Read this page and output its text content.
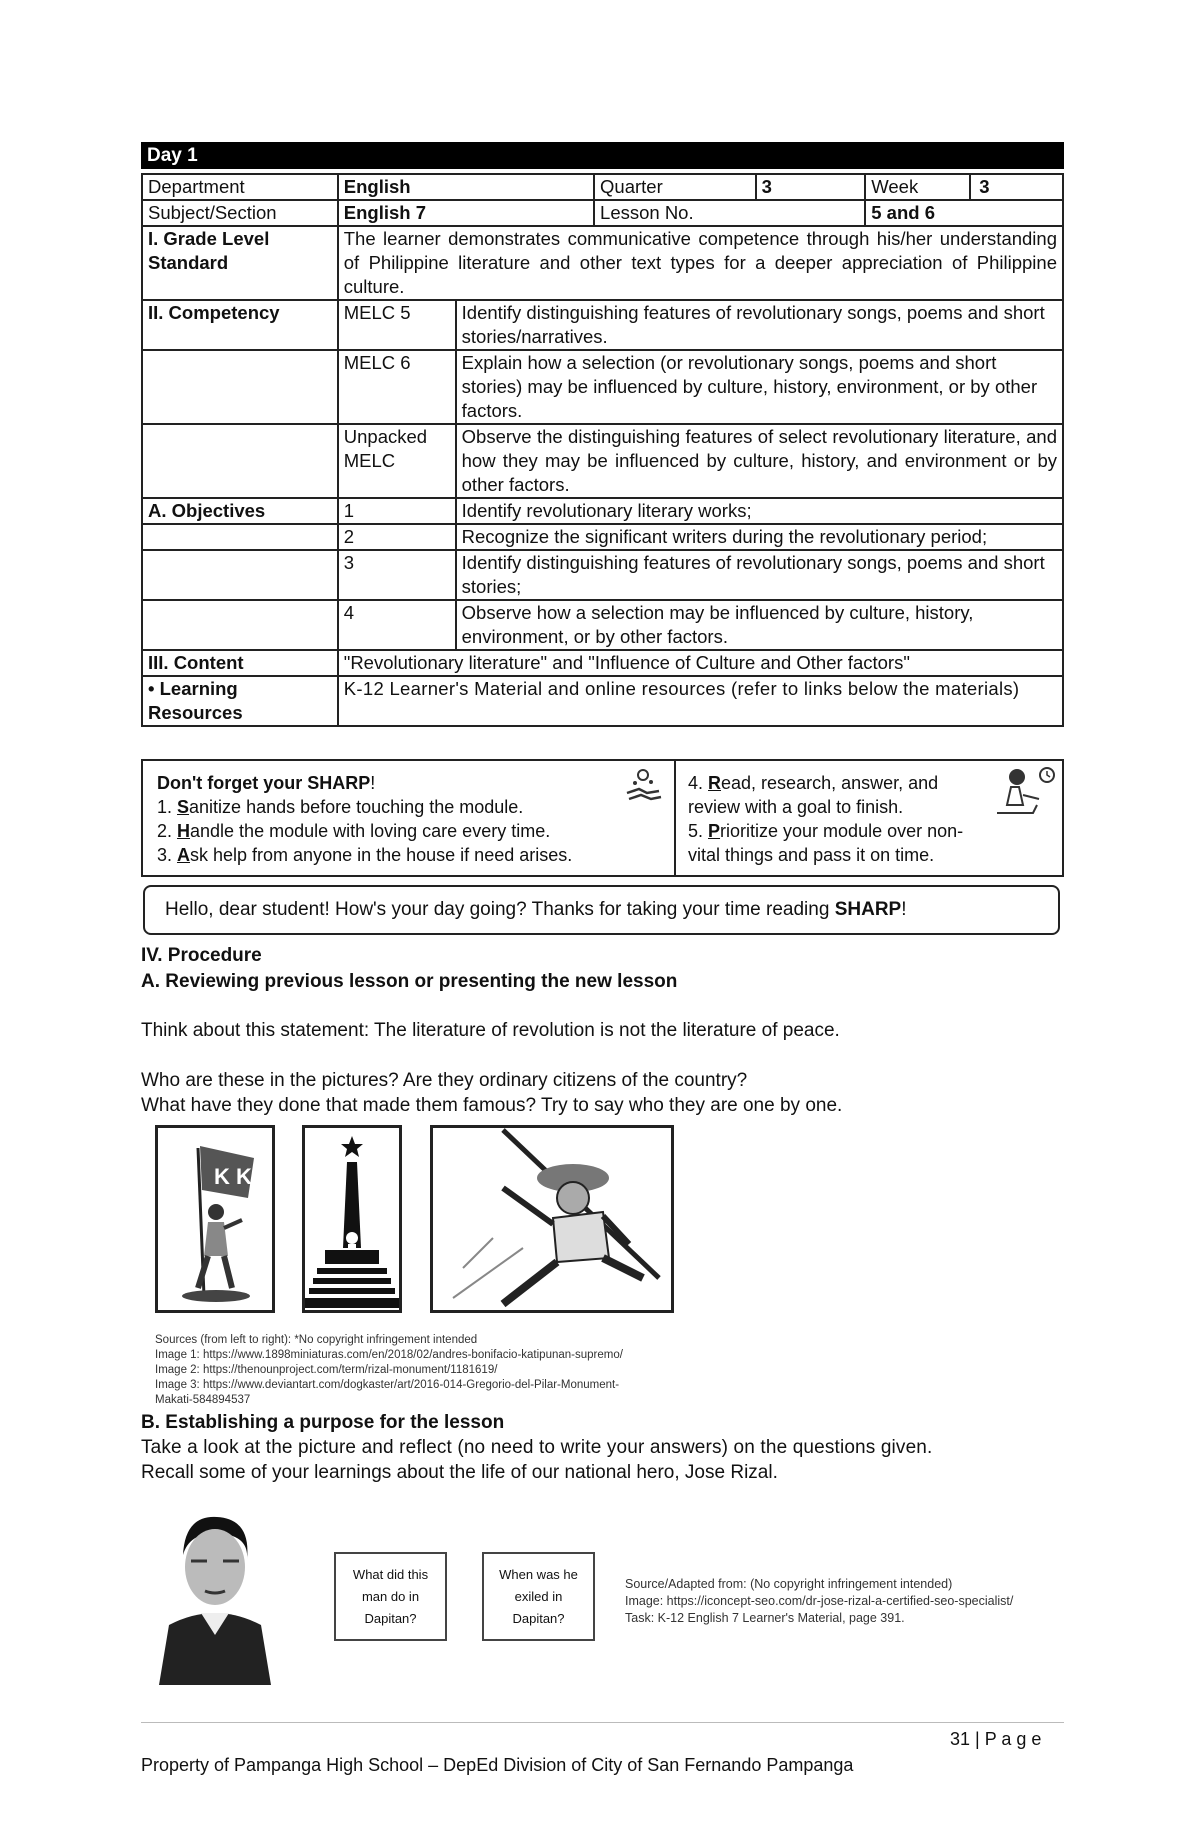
Day 1
Department	English		Quarter	3	Week 3

Subject/Section	English 7		Lesson No.		5 and 6
I. Grade Level Standard	The learner demonstrates communicative competence through his/her understanding of Philippine literature and other text types for a deeper appreciation of Philippine culture.				
II. Competency	MELC 5	Identify distinguishing features of revolutionary songs, poems and short stories/narratives.			
	MELC 6	Explain how a selection (or revolutionary songs, poems and short stories) may be influenced by culture, history, environment, or by other factors.			
	Unpacked MELC	Observe the distinguishing features of select revolutionary literature, and how they may be influenced by culture, history, and environment or by other factors.			
A. Objectives	1	Identify revolutionary literary works;			
	2	Recognize the significant writers during the revolutionary period;			
	3	Identify distinguishing features of revolutionary songs, poems and short stories;			
	4	Observe how a selection may be influenced by culture, history, environment, or by other factors.			
III. Content	"Revolutionary literature" and "Influence of Culture and Other factors"				
• Learning Resources	K-12 Learner's Material and online resources (refer to links below the materials)				
Don't forget your SHARP!
1. Sanitize hands before touching the module.
2. Handle the module with loving care every time.
3. Ask help from anyone in the house if need arises.
4. Read, research, answer, and
review with a goal to finish.
5. Prioritize your module over non-
vital things and pass it on time.
Hello, dear student! How's your day going? Thanks for taking your time reading SHARP!
IV. Procedure
A. Reviewing previous lesson or presenting the new lesson
Think about this statement: The literature of revolution is not the literature of peace.
Who are these in the pictures? Are they ordinary citizens of the country?
What have they done that made them famous? Try to say who they are one by one.
K K
Sources (from left to right): *No copyright infringement intended
Image 1: https://www.1898miniaturas.com/en/2018/02/andres-bonifacio-katipunan-supremo/
Image 2: https://thenounproject.com/term/rizal-monument/1181619/
Image 3: https://www.deviantart.com/dogkaster/art/2016-014-Gregorio-del-Pilar-Monument-
Makati-584894537
B. Establishing a purpose for the lesson
Take a look at the picture and reflect (no need to write your answers) on the questions given.
Recall some of your learnings about the life of our national hero, Jose Rizal.
What did this
man do in
Dapitan?
When was he
exiled in
Dapitan?
Source/Adapted from: (No copyright infringement intended)
Image: https://iconcept-seo.com/dr-jose-rizal-a-certified-seo-specialist/
Task: K-12 English 7 Learner's Material, page 391.
31 | P a g e
Property of Pampanga High School – DepEd Division of City of San Fernando Pampanga
